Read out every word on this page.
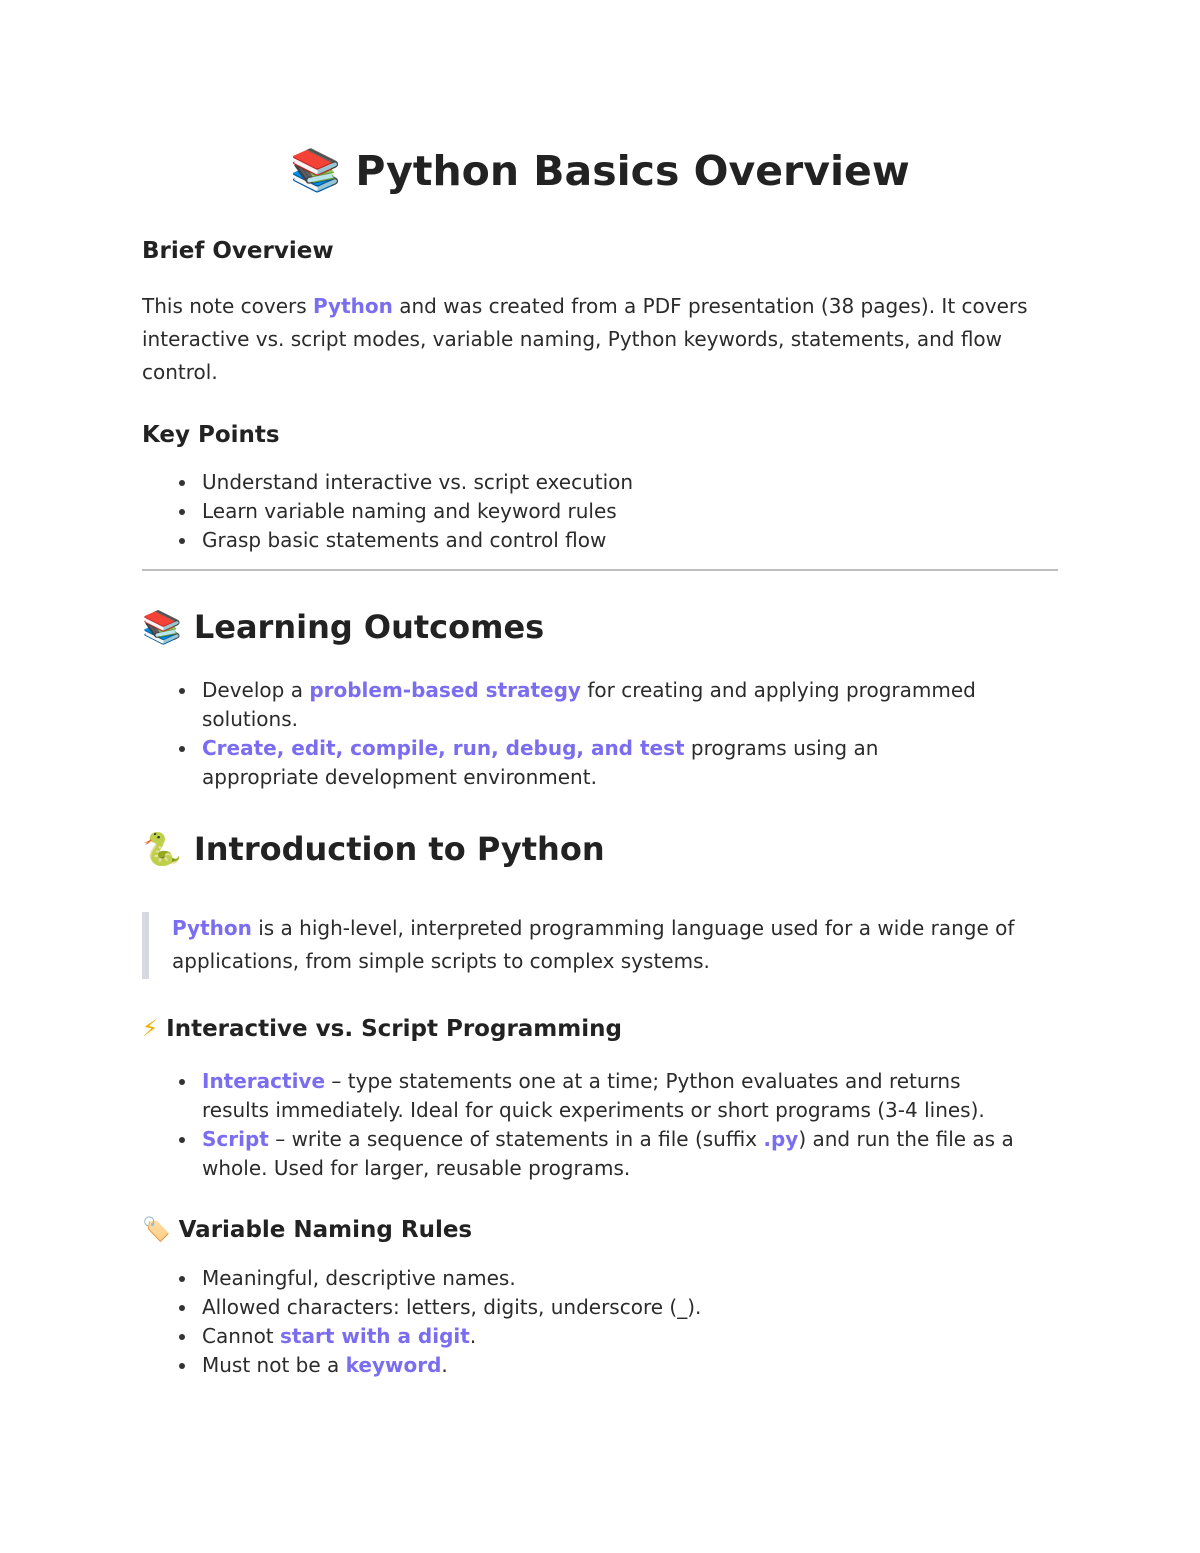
📚 Python Basics Overview
Brief Overview
This note covers Python and was created from a PDF presentation (38 pages). It covers interactive vs. script modes, variable naming, Python keywords, statements, and flow control.
Key Points
Understand interactive vs. script execution
Learn variable naming and keyword rules
Grasp basic statements and control flow
📚 Learning Outcomes
Develop a problem-based strategy for creating and applying programmed solutions.
Create, edit, compile, run, debug, and test programs using an appropriate development environment.
🐍 Introduction to Python
Python is a high-level, interpreted programming language used for a wide range of applications, from simple scripts to complex systems.
⚡ Interactive vs. Script Programming
Interactive – type statements one at a time; Python evaluates and returns results immediately. Ideal for quick experiments or short programs (3-4 lines).
Script – write a sequence of statements in a file (suffix .py) and run the file as a whole. Used for larger, reusable programs.
🏷️ Variable Naming Rules
Meaningful, descriptive names.
Allowed characters: letters, digits, underscore (_).
Cannot start with a digit.
Must not be a keyword.
